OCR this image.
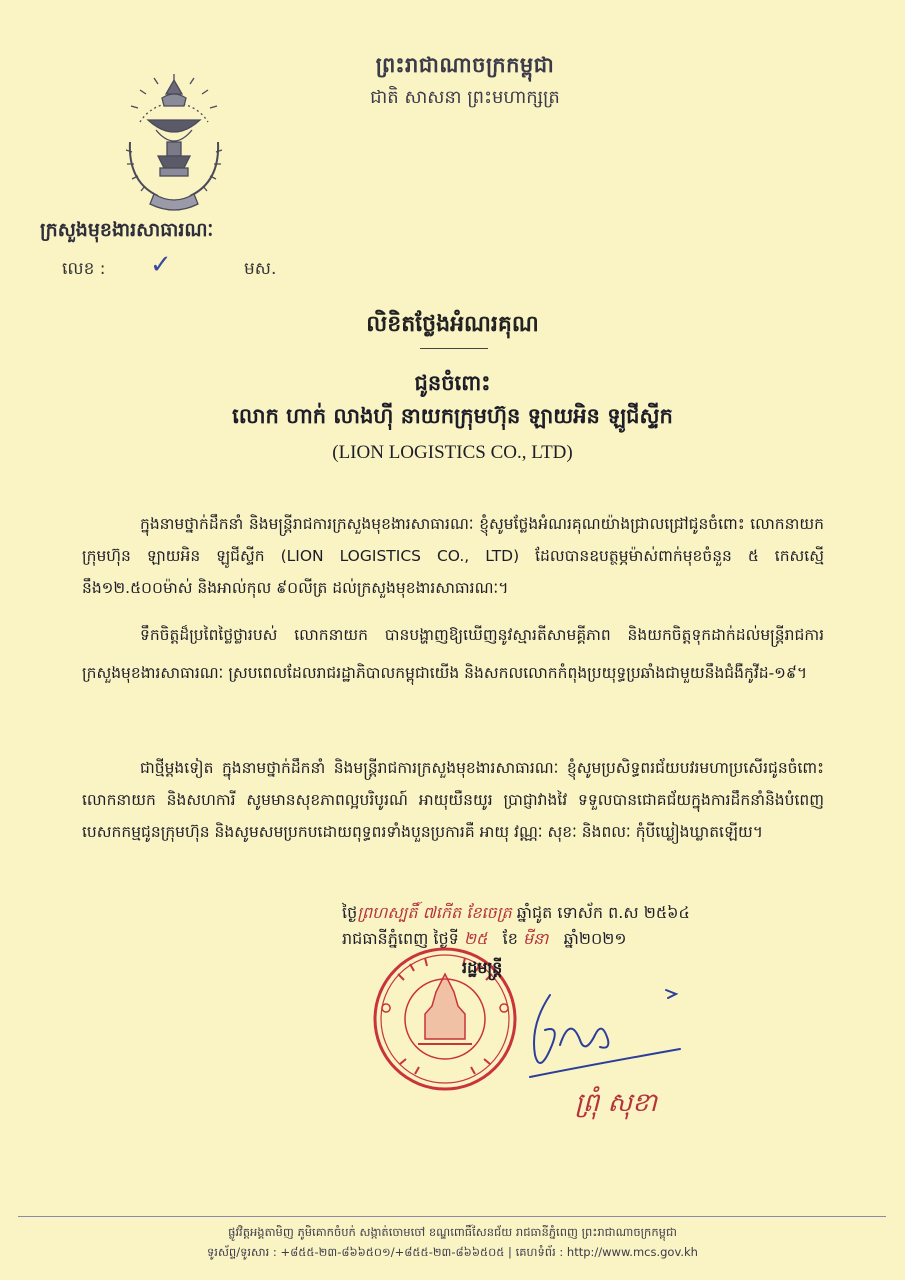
ព្រះរាជាណាចក្រកម្ពុជា
ជាតិ សាសនា ព្រះមហាក្សត្រ
ក្រសួងមុខងារសាធារណៈ
លេខ : ✓	មស.
លិខិតថ្លែងអំណរគុណ
ជូនចំពោះ
លោក ហាក់ លាងហ៊ី នាយកក្រុមហ៊ុន ឡាយអិន ឡូជីស្ទីក
(LION LOGISTICS CO., LTD)
ក្នុងនាមថ្នាក់ដឹកនាំ និងមន្រ្តីរាជការក្រសួងមុខងារសាធារណៈ ខ្ញុំសូមថ្លែងអំណរគុណយ៉ាងជ្រាលជ្រៅជូនចំពោះ លោកនាយក ក្រុមហ៊ុន ឡាយអិន ឡូជីស្ទីក (LION LOGISTICS CO., LTD) ដែលបានឧបត្ថម្ភម៉ាស់ពាក់មុខចំនួន ៥ កេសស្មើ នឹង១២.៥០០ម៉ាស់ និងអាល់កុល ៩០លីត្រ ដល់ក្រសួងមុខងារសាធារណៈ។
ទឹកចិត្តដ៏ប្រពៃថ្លៃថ្លារបស់ លោកនាយក បានបង្ហាញឱ្យឃើញនូវស្មារតីសាមគ្គីភាព និងយកចិត្តទុកដាក់ដល់មន្ត្រីរាជការក្រសួងមុខងារសាធារណៈ ស្របពេលដែលរាជរដ្ឋាភិបាលកម្ពុជាយើង និងសកលលោកកំពុងប្រយុទ្ធប្រឆាំងជាមួយនឹងជំងឺកូវីដ-១៩។
ជាថ្មីម្តងទៀត ក្នុងនាមថ្នាក់ដឹកនាំ និងមន្រ្តីរាជការក្រសួងមុខងារសាធារណៈ ខ្ញុំសូមប្រសិទ្ធពរជ័យបវរមហាប្រសើរជូនចំពោះ លោកនាយក និងសហការី សូមមានសុខភាពល្អបរិបូរណ៍ អាយុយឺនយូរ ប្រាជ្ញាវាងវៃ ទទួលបានជោគជ័យក្នុងការដឹកនាំនិងបំពេញបេសកកម្មជូនក្រុមហ៊ុន និងសូមសមប្រកបដោយពុទ្ធពរទាំងបួនប្រការគឺ អាយុ វណ្ណៈ សុខៈ និងពលៈ កុំបីឃ្លៀងឃ្លាតឡើយ។
ថ្ងៃព្រហស្បតិ៍ ៧កើត ខែចេត្រ ឆ្នាំជូត ទោស័ក ព.ស ២៥៦៤
រាជធានីភ្នំពេញ ថ្ងៃទី ២៥ ខែ មីនា ឆ្នាំ២០២១
រដ្ឋមន្ត្រី
ព្រុំ សុខា
ផ្លូវវិត្តអង្គតាមិញ ភូមិគោកចំបក់ សង្កាត់ចោមចៅ ខណ្ឌពោធិ៍សែនជ័យ រាជធានីភ្នំពេញ ព្រះរាជាណាចក្រកម្ពុជា
ទូរស័ព្ទ/ទូរសារ : +៨៥៥-២៣-៨៦៦៥០១/+៨៥៥-២៣-៨៦៦៥០៥ | គេហទំព័រ : http://www.mcs.gov.kh
